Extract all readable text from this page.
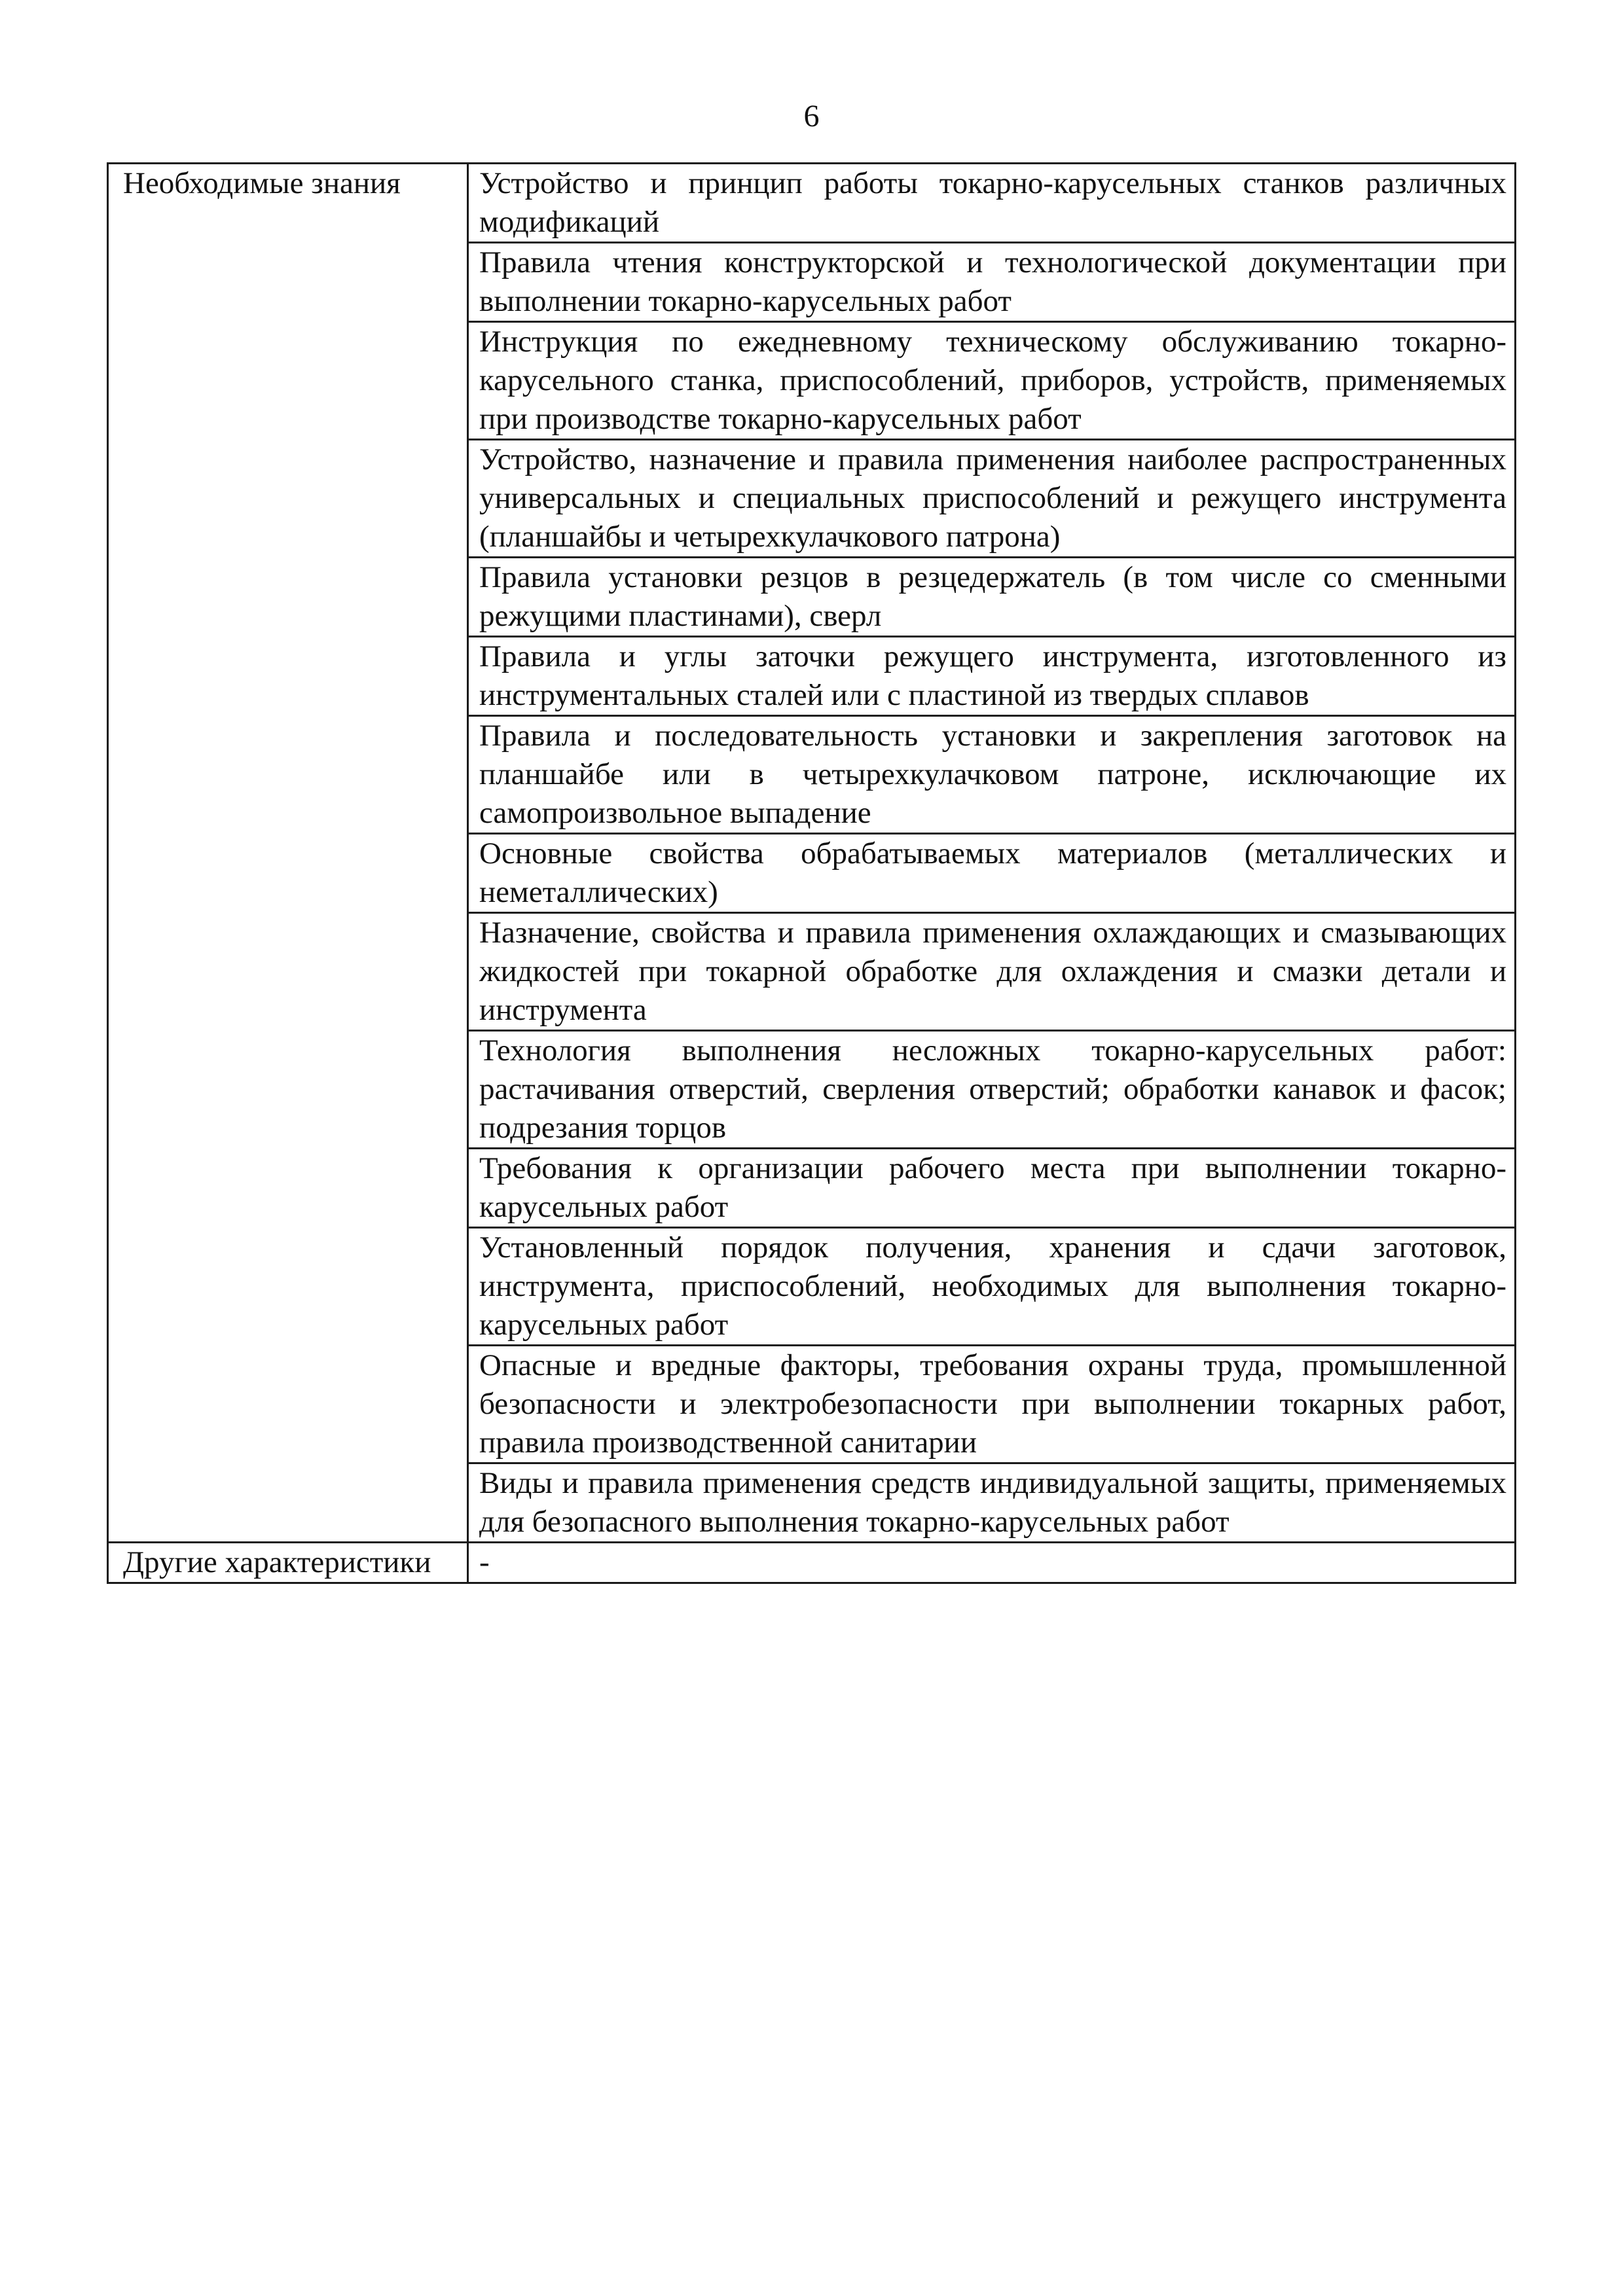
6
Необходимые знания	Устройство и принцип работы токарно-карусельных станков различных модификаций
	Правила чтения конструкторской и технологической документации при выполнении токарно-карусельных работ
	Инструкция по ежедневному техническому обслуживанию токарно-карусельного станка, приспособлений, приборов, устройств, применяемых при производстве токарно-карусельных работ
	Устройство, назначение и правила применения наиболее распространенных универсальных и специальных приспособлений и режущего инструмента (планшайбы и четырехкулачкового патрона)
	Правила установки резцов в резцедержатель (в том числе со сменными режущими пластинами), сверл
	Правила и углы заточки режущего инструмента, изготовленного из инструментальных сталей или с пластиной из твердых сплавов
	Правила и последовательность установки и закрепления заготовок на планшайбе или в четырехкулачковом патроне, исключающие их самопроизвольное выпадение
	Основные свойства обрабатываемых материалов (металлических и неметаллических)
	Назначение, свойства и правила применения охлаждающих и смазывающих жидкостей при токарной обработке для охлаждения и смазки детали и инструмента
	Технология выполнения несложных токарно-карусельных работ: растачивания отверстий, сверления отверстий; обработки канавок и фасок; подрезания торцов
	Требования к организации рабочего места при выполнении токарно-карусельных работ
	Установленный порядок получения, хранения и сдачи заготовок, инструмента, приспособлений, необходимых для выполнения токарно-карусельных работ
	Опасные и вредные факторы, требования охраны труда, промышленной безопасности и электробезопасности при выполнении токарных работ, правила производственной санитарии
	Виды и правила применения средств индивидуальной защиты, применяемых для безопасного выполнения токарно-карусельных работ
Другие характеристики	-
